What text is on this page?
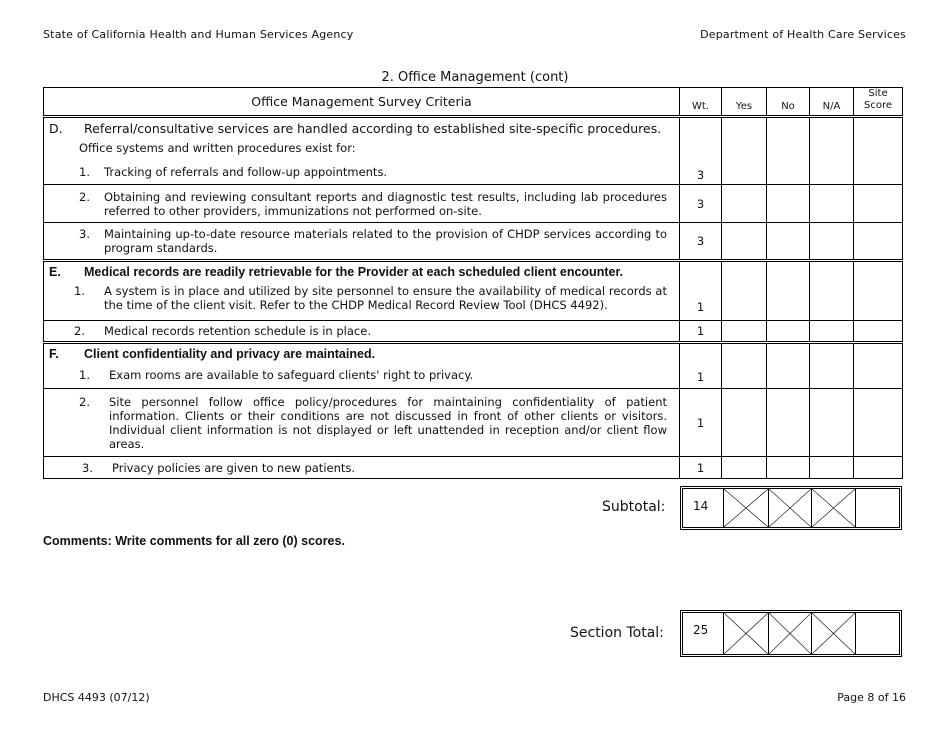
State of California Health and Human Services Agency	Department of Health Care Services
2. Office Management (cont)
Office Management Survey Criteria	Wt.	Yes	No	N/A	Site
Score

D. Referral/consultative services are handled according to established site-specific procedures.
Office systems and written procedures exist for:
1. Tracking of referrals and follow-up appointments.	3				

2. Obtaining and reviewing consultant reports and diagnostic test results, including lab procedures referred to other providers, immunizations not performed on-site.	3				

3. Maintaining up-to-date resource materials related to the provision of CHDP services according to program standards.	3				

E. Medical records are readily retrievable for the Provider at each scheduled client encounter.
1. A system is in place and utilized by site personnel to ensure the availability of medical records at the time of the client visit. Refer to the CHDP Medical Record Review Tool (DHCS 4492).	1				

2. Medical records retention schedule is in place.	1				

F. Client confidentiality and privacy are maintained.
1. Exam rooms are available to safeguard clients' right to privacy.	1				

2. Site personnel follow office policy/procedures for maintaining confidentiality of patient information. Clients or their conditions are not discussed in front of other clients or visitors. Individual client information is not displayed or left unattended in reception and/or client flow areas.	1				

3. Privacy policies are given to new patients.	1				
Subtotal:	14
Comments: Write comments for all zero (0) scores.
Section Total:	25
DHCS 4493 (07/12)	Page 8 of 16
